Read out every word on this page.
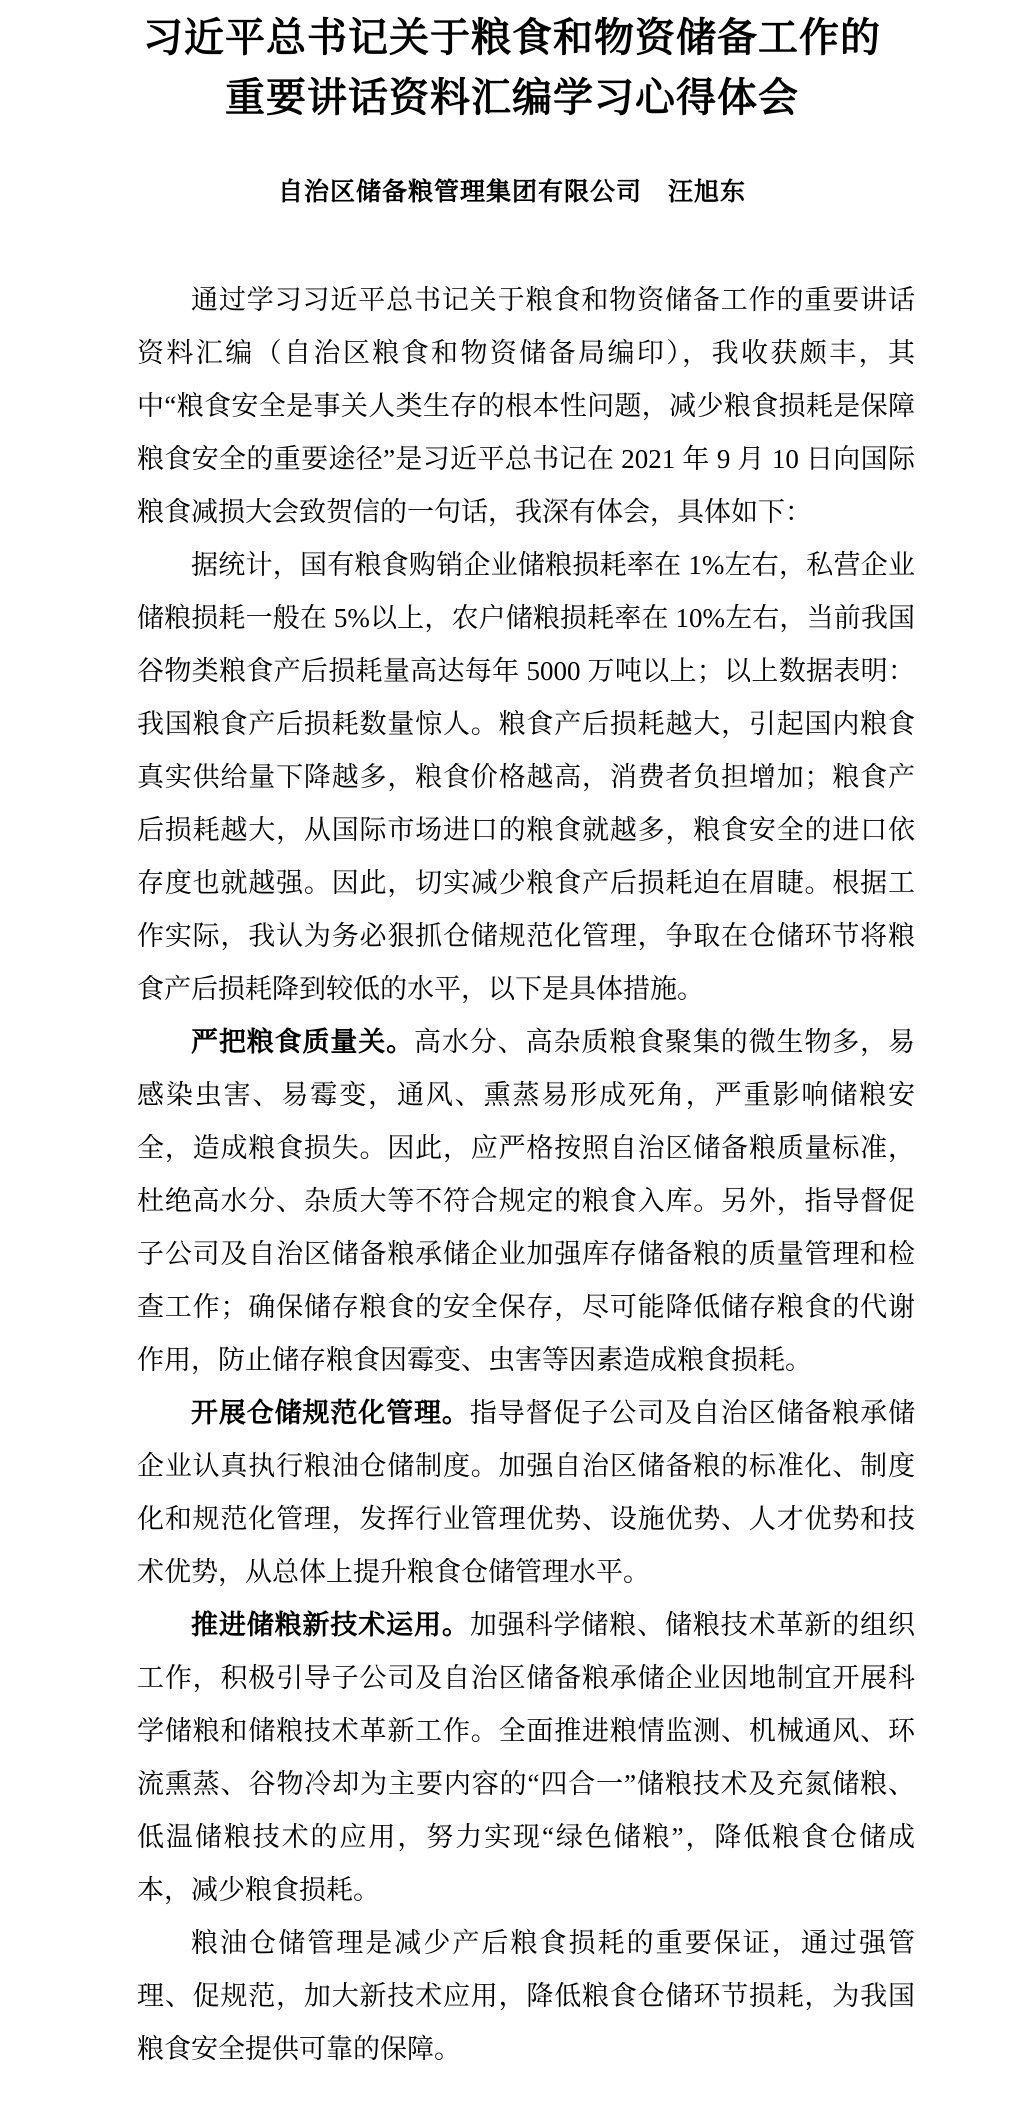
习近平总书记关于粮食和物资储备工作的
重要讲话资料汇编学习心得体会
自治区储备粮管理集团有限公司　汪旭东

通过学习习近平总书记关于粮食和物资储备工作的重要讲话资料汇编（自治区粮食和物资储备局编印），我收获颇丰，其中“粮食安全是事关人类生存的根本性问题，减少粮食损耗是保障粮食安全的重要途径”是习近平总书记在 2021 年 9 月 10 日向国际粮食减损大会致贺信的一句话，我深有体会，具体如下：

据统计，国有粮食购销企业储粮损耗率在 1%左右，私营企业储粮损耗一般在 5%以上，农户储粮损耗率在 10%左右，当前我国谷物类粮食产后损耗量高达每年 5000 万吨以上；以上数据表明：我国粮食产后损耗数量惊人。粮食产后损耗越大，引起国内粮食真实供给量下降越多，粮食价格越高，消费者负担增加；粮食产后损耗越大，从国际市场进口的粮食就越多，粮食安全的进口依存度也就越强。因此，切实减少粮食产后损耗迫在眉睫。根据工作实际，我认为务必狠抓仓储规范化管理，争取在仓储环节将粮食产后损耗降到较低的水平，以下是具体措施。

严把粮食质量关。高水分、高杂质粮食聚集的微生物多，易感染虫害、易霉变，通风、熏蒸易形成死角，严重影响储粮安全，造成粮食损失。因此，应严格按照自治区储备粮质量标准，杜绝高水分、杂质大等不符合规定的粮食入库。另外，指导督促子公司及自治区储备粮承储企业加强库存储备粮的质量管理和检查工作；确保储存粮食的安全保存，尽可能降低储存粮食的代谢作用，防止储存粮食因霉变、虫害等因素造成粮食损耗。

开展仓储规范化管理。指导督促子公司及自治区储备粮承储企业认真执行粮油仓储制度。加强自治区储备粮的标准化、制度化和规范化管理，发挥行业管理优势、设施优势、人才优势和技术优势，从总体上提升粮食仓储管理水平。

推进储粮新技术运用。加强科学储粮、储粮技术革新的组织工作，积极引导子公司及自治区储备粮承储企业因地制宜开展科学储粮和储粮技术革新工作。全面推进粮情监测、机械通风、环流熏蒸、谷物冷却为主要内容的“四合一”储粮技术及充氮储粮、低温储粮技术的应用，努力实现“绿色储粮”，降低粮食仓储成本，减少粮食损耗。

粮油仓储管理是减少产后粮食损耗的重要保证，通过强管理、促规范，加大新技术应用，降低粮食仓储环节损耗，为我国粮食安全提供可靠的保障。
